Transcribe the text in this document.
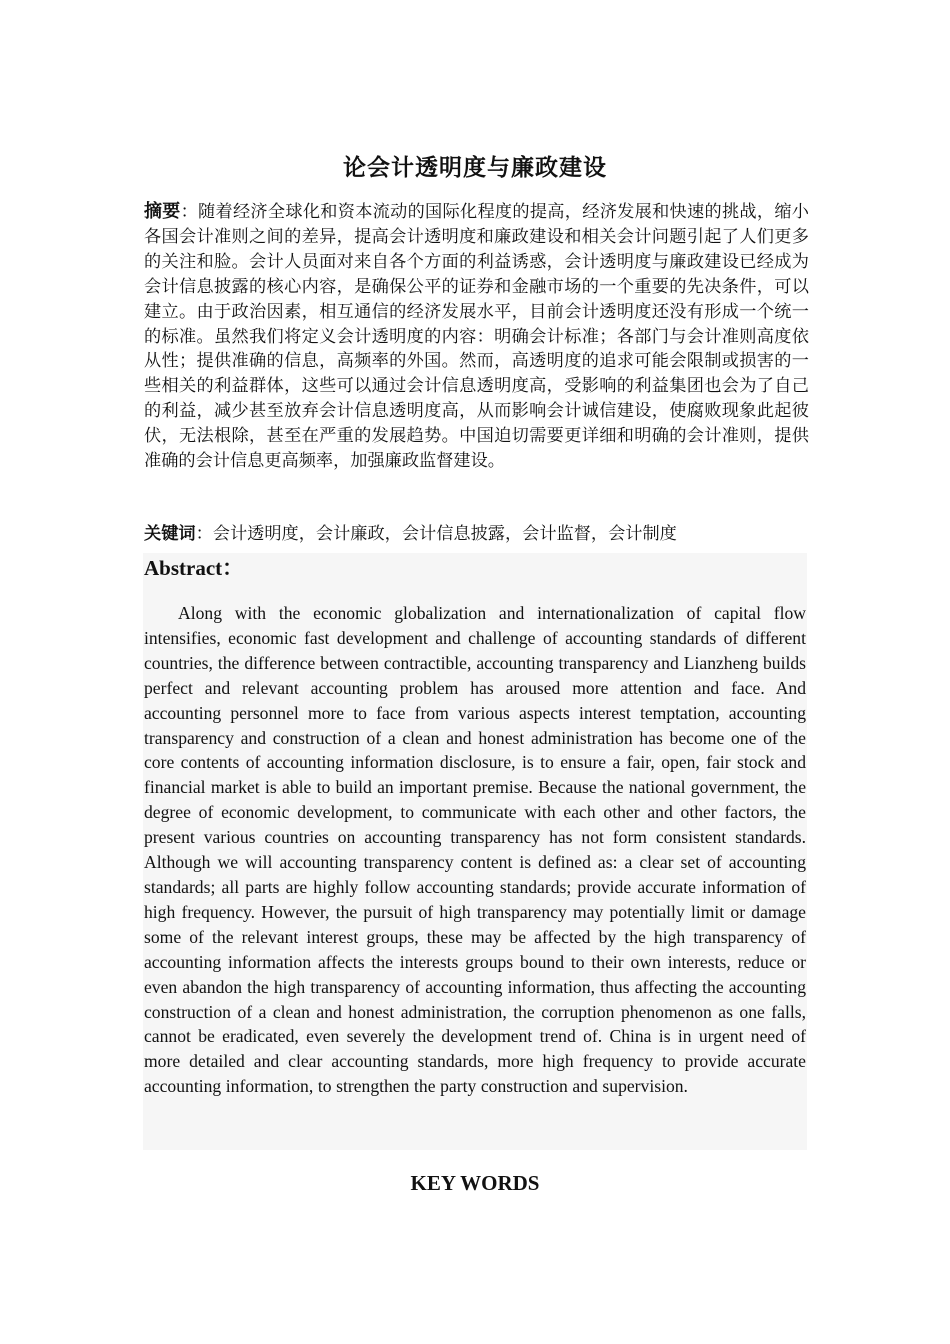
论会计透明度与廉政建设

摘要：随着经济全球化和资本流动的国际化程度的提高，经济发展和快速的挑战，缩小各国会计准则之间的差异，提高会计透明度和廉政建设和相关会计问题引起了人们更多的关注和脸。会计人员面对来自各个方面的利益诱惑，会计透明度与廉政建设已经成为会计信息披露的核心内容，是确保公平的证券和金融市场的一个重要的先决条件，可以建立。由于政治因素，相互通信的经济发展水平，目前会计透明度还没有形成一个统一的标准。虽然我们将定义会计透明度的内容：明确会计标准；各部门与会计准则高度依从性；提供准确的信息，高频率的外国。然而，高透明度的追求可能会限制或损害的一些相关的利益群体，这些可以通过会计信息透明度高，受影响的利益集团也会为了自己的利益，减少甚至放弃会计信息透明度高，从而影响会计诚信建设，使腐败现象此起彼伏，无法根除，甚至在严重的发展趋势。中国迫切需要更详细和明确的会计准则，提供准确的会计信息更高频率，加强廉政监督建设。

关键词：会计透明度，会计廉政，会计信息披露，会计监督，会计制度

Abstract：

Along with the economic globalization and internationalization of capital flow intensifies, economic fast development and challenge of accounting standards of different countries, the difference between contractible, accounting transparency and Lianzheng builds perfect and relevant accounting problem has aroused more attention and face. And accounting personnel more to face from various aspects interest temptation, accounting transparency and construction of a clean and honest administration has become one of the core contents of accounting information disclosure, is to ensure a fair, open, fair stock and financial market is able to build an important premise. Because the national government, the degree of economic development, to communicate with each other and other factors, the present various countries on accounting transparency has not form consistent standards. Although we will accounting transparency content is defined as: a clear set of accounting standards; all parts are highly follow accounting standards; provide accurate information of high frequency. However, the pursuit of high transparency may potentially limit or damage some of the relevant interest groups, these may be affected by the high transparency of accounting information affects the interests groups bound to their own interests, reduce or even abandon the high transparency of accounting information, thus affecting the accounting construction of a clean and honest administration, the corruption phenomenon as one falls, cannot be eradicated, even severely the development trend of. China is in urgent need of more detailed and clear accounting standards, more high frequency to provide accurate accounting information, to strengthen the party construction and supervision.

KEY WORDS
